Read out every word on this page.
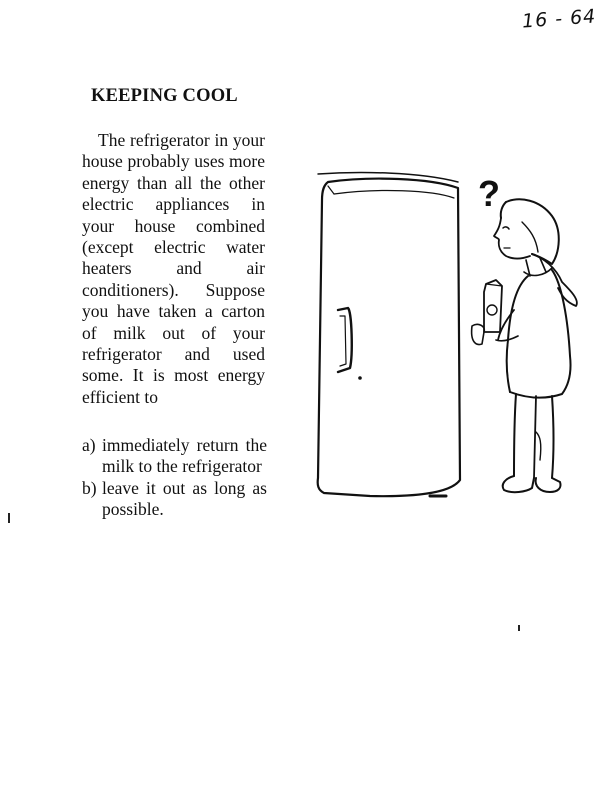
16 - 64
KEEPING COOL

The refrigerator in your house probably uses more energy than all the other electric appliances in your house combined (except electric water heaters and air conditioners). Suppose you have taken a carton of milk out of your refrigerator and used some. It is most energy efficient to

a) immediately return the milk to the refrigerator
b) leave it out as long as possible.
?
